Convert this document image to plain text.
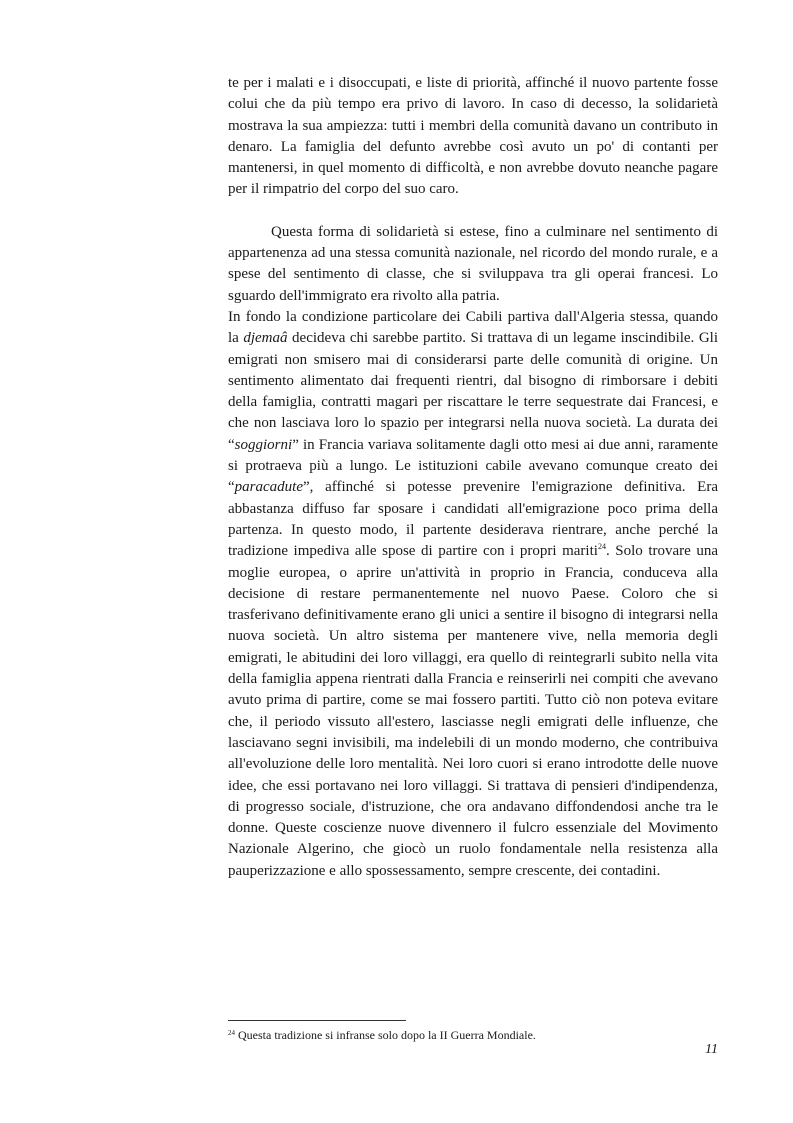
te per i malati e i disoccupati, e liste di priorità, affinché il nuovo partente fosse colui che da più tempo era privo di lavoro. In caso di decesso, la solidarietà mostrava la sua ampiezza: tutti i membri della comunità davano un contributo in denaro. La famiglia del defunto avrebbe così avuto un po' di contanti per mantenersi, in quel momento di difficoltà, e non avrebbe dovuto neanche pagare per il rimpatrio del corpo del suo caro.

Questa forma di solidarietà si estese, fino a culminare nel sentimento di appartenenza ad una stessa comunità nazionale, nel ricordo del mondo rurale, e a spese del sentimento di classe, che si sviluppava tra gli operai francesi. Lo sguardo dell'immigrato era rivolto alla patria.

In fondo la condizione particolare dei Cabili partiva dall'Algeria stessa, quando la djemaâ decideva chi sarebbe partito. Si trattava di un legame inscindibile. Gli emigrati non smisero mai di considerarsi parte delle comunità di origine. Un sentimento alimentato dai frequenti rientri, dal bisogno di rimborsare i debiti della famiglia, contratti magari per riscattare le terre sequestrate dai Francesi, e che non lasciava loro lo spazio per integrarsi nella nuova società. La durata dei “soggiorni” in Francia variava solitamente dagli otto mesi ai due anni, raramente si protraeva più a lungo. Le istituzioni cabile avevano comunque creato dei “paracadute”, affinché si potesse prevenire l'emigrazione definitiva. Era abbastanza diffuso far sposare i candidati all'emigrazione poco prima della partenza. In questo modo, il partente desiderava rientrare, anche perché la tradizione impediva alle spose di partire con i propri mariti$^{24}$. Solo trovare una moglie europea, o aprire un'attività in proprio in Francia, conduceva alla decisione di restare permanentemente nel nuovo Paese. Coloro che si trasferivano definitivamente erano gli unici a sentire il bisogno di integrarsi nella nuova società. Un altro sistema per mantenere vive, nella memoria degli emigrati, le abitudini dei loro villaggi, era quello di reintegrarli subito nella vita della famiglia appena rientrati dalla Francia e reinserirli nei compiti che avevano avuto prima di partire, come se mai fossero partiti. Tutto ciò non poteva evitare che, il periodo vissuto all'estero, lasciasse negli emigrati delle influenze, che lasciavano segni invisibili, ma indelebili di un mondo moderno, che contribuiva all'evoluzione delle loro mentalità. Nei loro cuori si erano introdotte delle nuove idee, che essi portavano nei loro villaggi. Si trattava di pensieri d'indipendenza, di progresso sociale, d'istruzione, che ora andavano diffondendosi anche tra le donne. Queste coscienze nuove divennero il fulcro essenziale del Movimento Nazionale Algerino, che giocò un ruolo fondamentale nella resistenza alla pauperizzazione e allo spossessamento, sempre crescente, dei contadini.

$^{24}$ Questa tradizione si infranse solo dopo la II Guerra Mondiale.
11
